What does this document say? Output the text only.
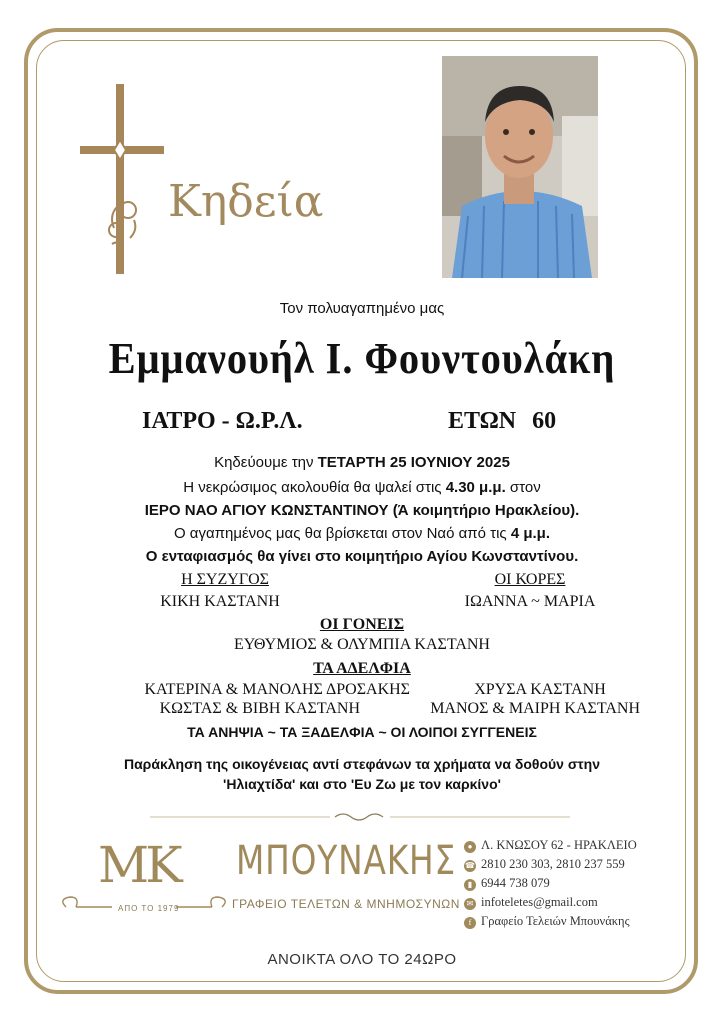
Κηδεία
Τον πολυαγαπημένο μας
Εμμανουήλ Ι. Φουντουλάκη
ΙΑΤΡΟ - Ω.Ρ.Λ.	ΕΤΩΝ 60
Κηδεύουμε την ΤΕΤΑΡΤΗ 25 ΙΟΥΝΙΟΥ 2025
Η νεκρώσιμος ακολουθία θα ψαλεί στις 4.30 μ.μ. στον
ΙΕΡΟ ΝΑΟ ΑΓΙΟΥ ΚΩΝΣΤΑΝΤΙΝΟΥ (Ά κοιμητήριο Ηρακλείου).
Ο αγαπημένος μας θα βρίσκεται στον Ναό από τις 4 μ.μ.
Ο ενταφιασμός θα γίνει στο κοιμητήριο Αγίου Κωνσταντίνου.
Η ΣΥΖΥΓΟΣ
ΚΙΚΗ ΚΑΣΤΑΝΗ
ΟΙ ΚΟΡΕΣ
ΙΩΑΝΝΑ ~ ΜΑΡΙΑ
ΟΙ ΓΟΝΕΙΣ
ΕΥΘΥΜΙΟΣ & ΟΛΥΜΠΙΑ ΚΑΣΤΑΝΗ
ΤΑ ΑΔΕΛΦΙΑ
ΚΑΤΕΡΙΝΑ & ΜΑΝΟΛΗΣ ΔΡΟΣΑΚΗΣ	ΧΡΥΣΑ ΚΑΣΤΑΝΗ
ΚΩΣΤΑΣ & ΒΙΒΗ ΚΑΣΤΑΝΗ	ΜΑΝΟΣ & ΜΑΙΡΗ ΚΑΣΤΑΝΗ
ΤΑ ΑΝΗΨΙΑ ~ ΤΑ ΞΑΔΕΛΦΙΑ ~ ΟΙ ΛΟΙΠΟΙ ΣΥΓΓΕΝΕΙΣ
Παράκληση της οικογένειας αντί στεφάνων τα χρήματα να δοθούν στην
'Ηλιαχτίδα' και στο 'Ευ Ζω με τον καρκίνο'
MK
ΑΠΟ ΤΟ 1979
ΜΠΟΥΝΑΚΗΣ
ΓΡΑΦΕΙΟ ΤΕΛΕΤΩΝ & ΜΝΗΜΟΣΥΝΩΝ
● Λ. ΚΝΩΣΟΥ 62 - ΗΡΑΚΛΕΙΟ
☎ 2810 230 303, 2810 237 559
▮ 6944 738 079
✉ infoteletes@gmail.com
f Γραφείο Τελειών Μπουνάκης
ΑΝΟΙΚΤΑ ΟΛΟ ΤΟ 24ΩΡΟ
